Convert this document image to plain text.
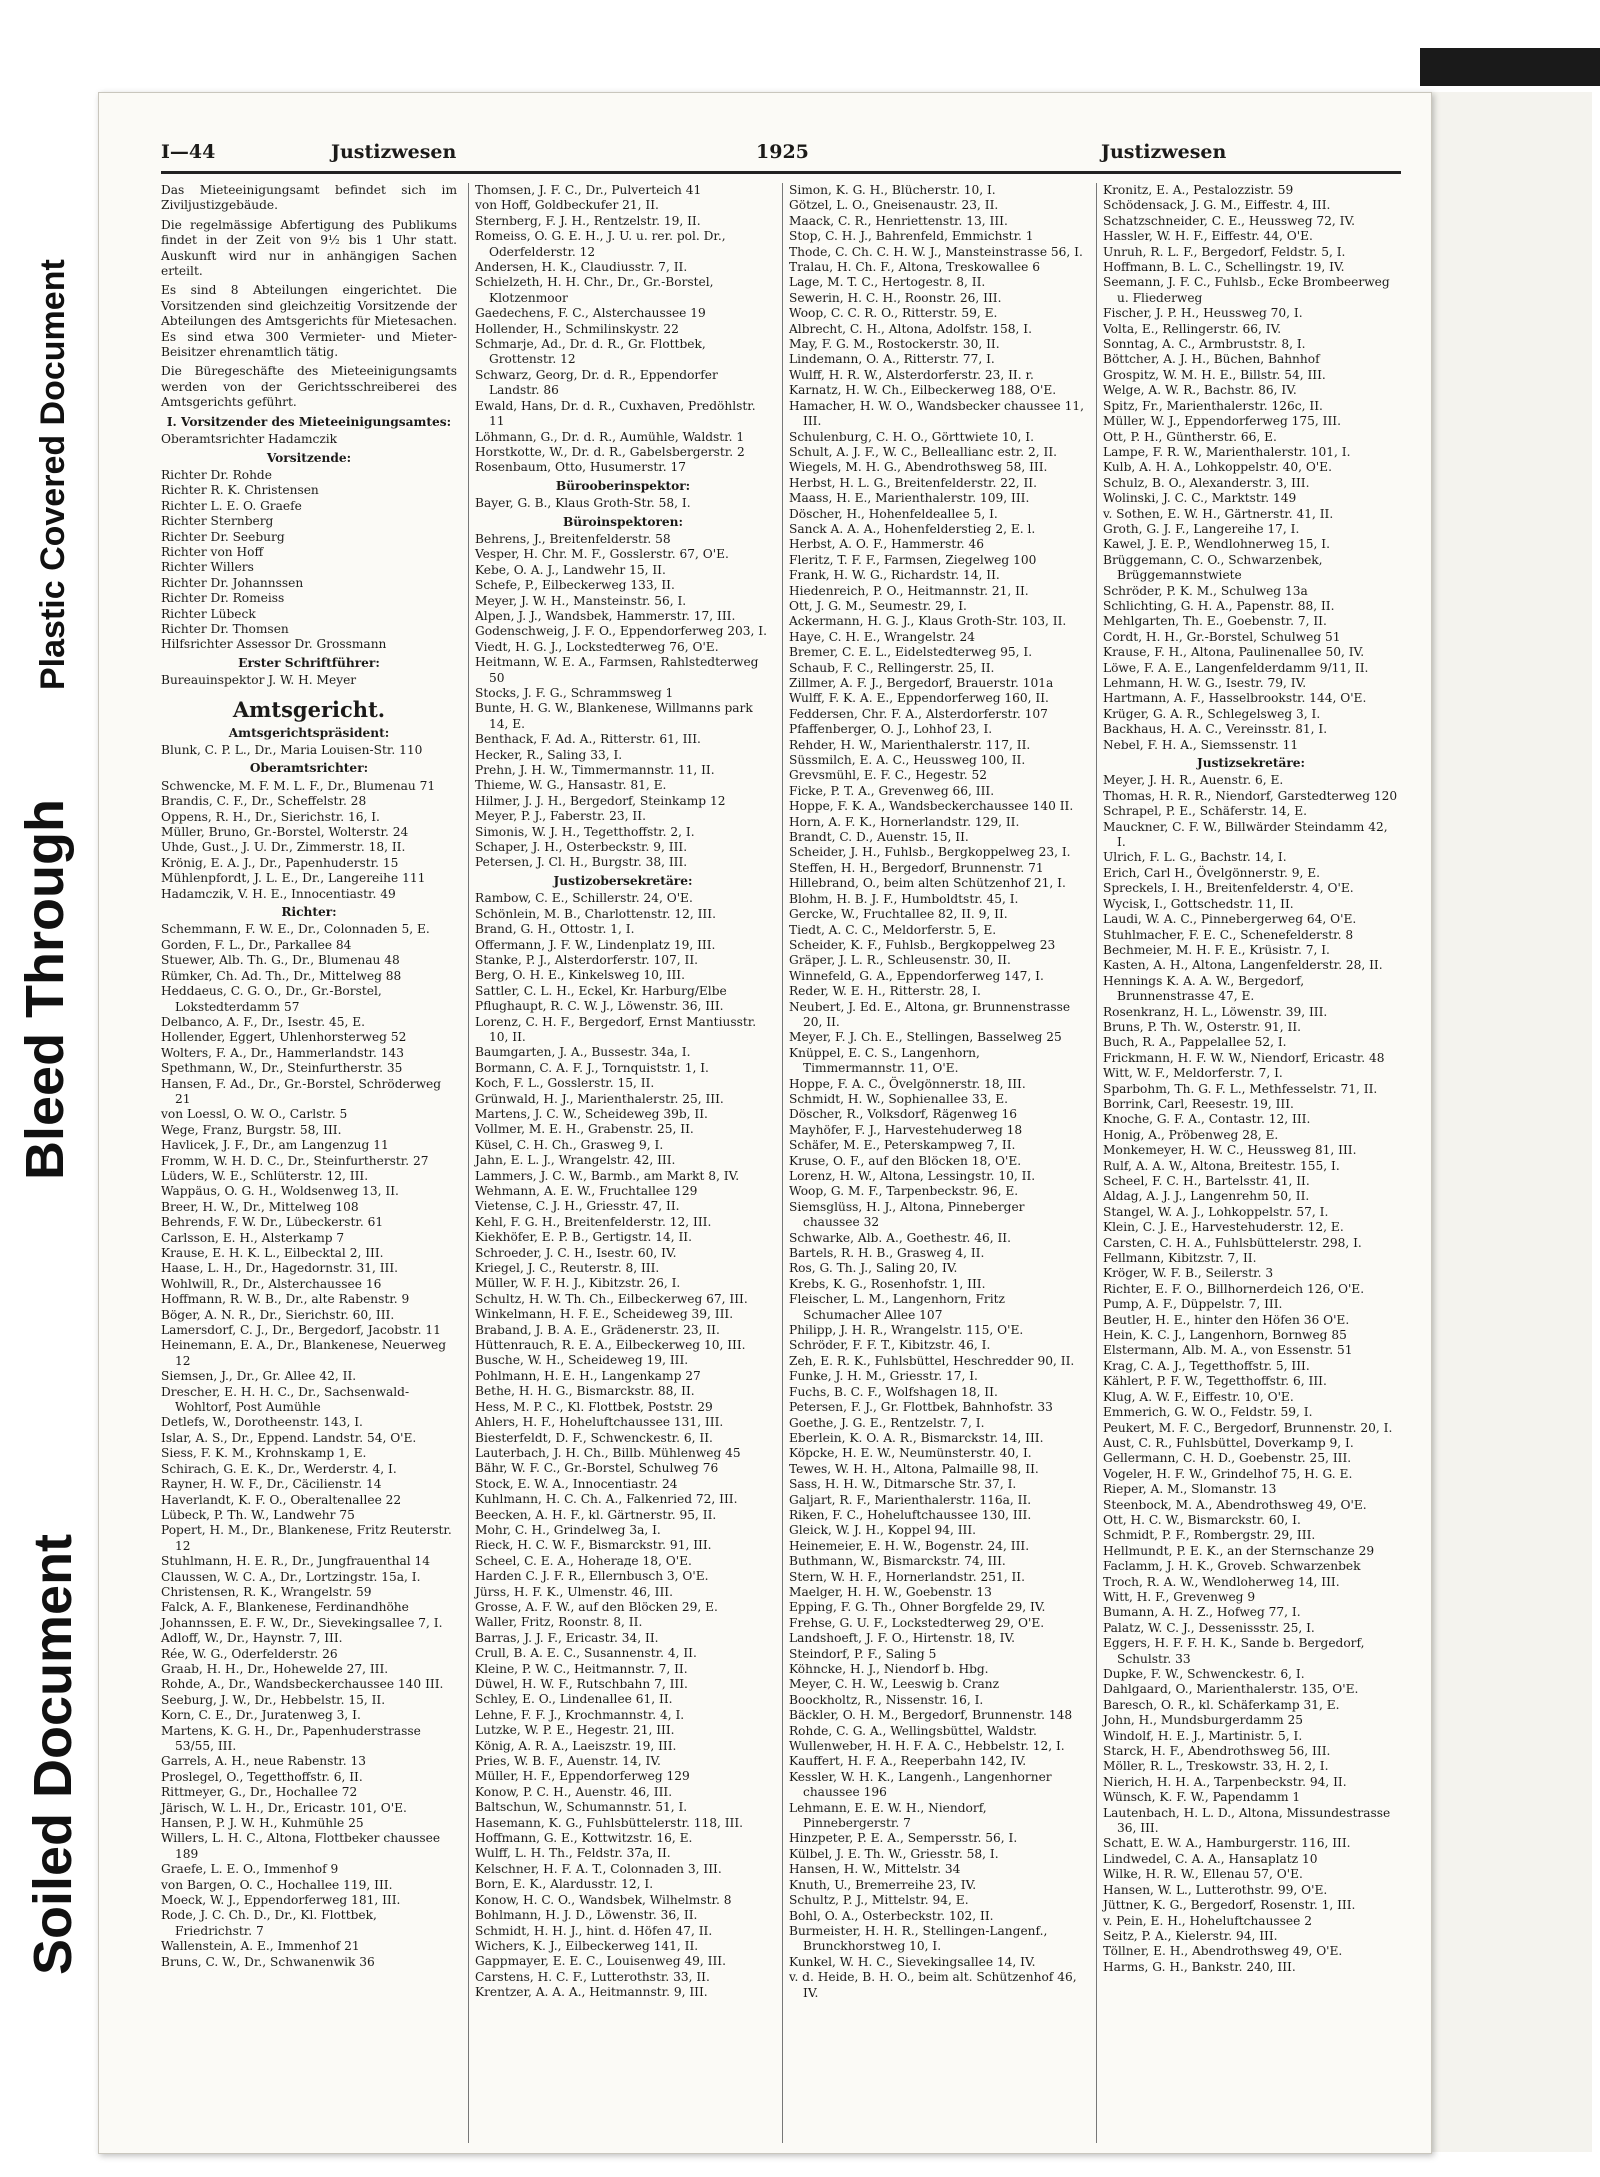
Plastic Covered Document
Bleed Through
Soiled Document
I—44	Justizwesen	1925	Justizwesen

Das Mieteeinigungsamt befindet sich im Ziviljustizgebäude.

Die regelmässige Abfertigung des Publikums findet in der Zeit von 9½ bis 1 Uhr statt. Auskunft wird nur in anhängigen Sachen erteilt.

Es sind 8 Abteilungen eingerichtet. Die Vorsitzenden sind gleichzeitig Vorsitzende der Abteilungen des Amtsgerichts für Mietesachen. Es sind etwa 300 Vermieter- und Mieter-Beisitzer ehrenamtlich tätig.

Die Büregeschäfte des Mieteeinigungsamts werden von der Gerichtsschreiberei des Amtsgerichts geführt.

I. Vorsitzender des Mieteeinigungsamtes:

Oberamtsrichter Hadamczik

Vorsitzende:

Richter Dr. Rohde

Richter R. K. Christensen

Richter L. E. O. Graefe

Richter Sternberg

Richter Dr. Seeburg

Richter von Hoff

Richter Willers

Richter Dr. Johannssen

Richter Dr. Romeiss

Richter Lübeck

Richter Dr. Thomsen

Hilfsrichter Assessor Dr. Grossmann

Erster Schriftführer:

Bureauinspektor J. W. H. Meyer

Amtsgericht.

Amtsgerichtspräsident:

Blunk, C. P. L., Dr., Maria Louisen-Str. 110

Oberamtsrichter:

Schwencke, M. F. M. L. F., Dr., Blumenau 71

Brandis, C. F., Dr., Scheffelstr. 28

Oppens, R. H., Dr., Sierichstr. 16, I.

Müller, Bruno, Gr.-Borstel, Wolterstr. 24

Uhde, Gust., J. U. Dr., Zimmerstr. 18, II.

Krönig, E. A. J., Dr., Papenhuderstr. 15

Mühlenpfordt, J. L. E., Dr., Langereihe 111

Hadamczik, V. H. E., Innocentiastr. 49

Richter:

Schemmann, F. W. E., Dr., Colonnaden 5, E.

Gorden, F. L., Dr., Parkallee 84

Stuewer, Alb. Th. G., Dr., Blumenau 48

Rümker, Ch. Ad. Th., Dr., Mittelweg 88

Heddaeus, C. G. O., Dr., Gr.-Borstel, Lokstedterdamm 57

Delbanco, A. F., Dr., Isestr. 45, E.

Hollender, Eggert, Uhlenhorsterweg 52

Wolters, F. A., Dr., Hammerlandstr. 143

Spethmann, W., Dr., Steinfurtherstr. 35

Hansen, F. Ad., Dr., Gr.-Borstel, Schröderweg 21

von Loessl, O. W. O., Carlstr. 5

Wege, Franz, Burgstr. 58, III.

Havlicek, J. F., Dr., am Langenzug 11

Fromm, W. H. D. C., Dr., Steinfurtherstr. 27

Lüders, W. E., Schlüterstr. 12, III.

Wappäus, O. G. H., Woldsenweg 13, II.

Breer, H. W., Dr., Mittelweg 108

Behrends, F. W. Dr., Lübeckerstr. 61

Carlsson, E. H., Alsterkamp 7

Krause, E. H. K. L., Eilbecktal 2, III.

Haase, L. H., Dr., Hagedornstr. 31, III.

Wohlwill, R., Dr., Alsterchaussee 16

Hoffmann, R. W. B., Dr., alte Rabenstr. 9

Böger, A. N. R., Dr., Sierichstr. 60, III.

Lamersdorf, C. J., Dr., Bergedorf, Jacobstr. 11

Heinemann, E. A., Dr., Blankenese, Neuerweg 12

Siemsen, J., Dr., Gr. Allee 42, II.

Drescher, E. H. H. C., Dr., Sachsenwald-Wohltorf, Post Aumühle

Detlefs, W., Dorotheenstr. 143, I.

Islar, A. S., Dr., Eppend. Landstr. 54, O'E.

Siess, F. K. M., Krohnskamp 1, E.

Schirach, G. E. K., Dr., Werderstr. 4, I.

Rayner, H. W. F., Dr., Cäcilienstr. 14

Haverlandt, K. F. O., Oberaltenallee 22

Lübeck, P. Th. W., Landwehr 75

Popert, H. M., Dr., Blankenese, Fritz Reuterstr. 12

Stuhlmann, H. E. R., Dr., Jungfrauenthal 14

Claussen, W. C. A., Dr., Lortzingstr. 15a, I.

Christensen, R. K., Wrangelstr. 59

Falck, A. F., Blankenese, Ferdinandhöhe

Johannssen, E. F. W., Dr., Sievekingsallee 7, I.

Adloff, W., Dr., Haynstr. 7, III.

Rée, W. G., Oderfelderstr. 26

Graab, H. H., Dr., Hohewelde 27, III.

Rohde, A., Dr., Wandsbeckerchaussee 140 III.

Seeburg, J. W., Dr., Hebbelstr. 15, II.

Korn, C. E., Dr., Juratenweg 3, I.

Martens, K. G. H., Dr., Papenhuderstrasse 53/55, III.

Garrels, A. H., neue Rabenstr. 13

Proslegel, O., Tegetthoffstr. 6, II.

Rittmeyer, G., Dr., Hochallee 72

Järisch, W. L. H., Dr., Ericastr. 101, O'E.

Hansen, P. J. W. H., Kuhmühle 25

Willers, L. H. C., Altona, Flottbeker chaussee 189

Graefe, L. E. O., Immenhof 9

von Bargen, O. C., Hochallee 119, III.

Moeck, W. J., Eppendorferweg 181, III.

Rode, J. C. Ch. D., Dr., Kl. Flottbek, Friedrichstr. 7

Wallenstein, A. E., Immenhof 21

Bruns, C. W., Dr., Schwanenwik 36

Thomsen, J. F. C., Dr., Pulverteich 41

von Hoff, Goldbeckufer 21, II.

Sternberg, F. J. H., Rentzelstr. 19, II.

Romeiss, O. G. E. H., J. U. u. rer. pol. Dr., Oderfelderstr. 12

Andersen, H. K., Claudiusstr. 7, II.

Schielzeth, H. H. Chr., Dr., Gr.-Borstel, Klotzenmoor

Gaedechens, F. C., Alsterchaussee 19

Hollender, H., Schmilinskystr. 22

Schmarje, Ad., Dr. d. R., Gr. Flottbek, Grottenstr. 12

Schwarz, Georg, Dr. d. R., Eppendorfer Landstr. 86

Ewald, Hans, Dr. d. R., Cuxhaven, Predöhlstr. 11

Löhmann, G., Dr. d. R., Aumühle, Waldstr. 1

Horstkotte, W., Dr. d. R., Gabelsbergerstr. 2

Rosenbaum, Otto, Husumerstr. 17

Bürooberinspektor:

Bayer, G. B., Klaus Groth-Str. 58, I.

Büroinspektoren:

Behrens, J., Breitenfelderstr. 58

Vesper, H. Chr. M. F., Gosslerstr. 67, O'E.

Kebe, O. A. J., Landwehr 15, II.

Schefe, P., Eilbeckerweg 133, II.

Meyer, J. W. H., Mansteinstr. 56, I.

Alpen, J. J., Wandsbek, Hammerstr. 17, III.

Godenschweig, J. F. O., Eppendorferweg 203, I.

Viedt, H. G. J., Lockstedterweg 76, O'E.

Heitmann, W. E. A., Farmsen, Rahlstedterweg 50

Stocks, J. F. G., Schrammsweg 1

Bunte, H. G. W., Blankenese, Willmanns park 14, E.

Benthack, F. Ad. A., Ritterstr. 61, III.

Hecker, R., Saling 33, I.

Prehn, J. H. W., Timmermannstr. 11, II.

Thieme, W. G., Hansastr. 81, E.

Hilmer, J. J. H., Bergedorf, Steinkamp 12

Meyer, P. J., Faberstr. 23, II.

Simonis, W. J. H., Tegetthoffstr. 2, I.

Schaper, J. H., Osterbeckstr. 9, III.

Petersen, J. Cl. H., Burgstr. 38, III.

Justizobersekretäre:

Rambow, C. E., Schillerstr. 24, O'E.

Schönlein, M. B., Charlottenstr. 12, III.

Brand, G. H., Ottostr. 1, I.

Offermann, J. F. W., Lindenplatz 19, III.

Stanke, P. J., Alsterdorferstr. 107, II.

Berg, O. H. E., Kinkelsweg 10, III.

Sattler, C. L. H., Eckel, Kr. Harburg/Elbe

Pflughaupt, R. C. W. J., Löwenstr. 36, III.

Lorenz, C. H. F., Bergedorf, Ernst Mantiusstr. 10, II.

Baumgarten, J. A., Bussestr. 34a, I.

Bormann, C. A. F. J., Tornquiststr. 1, I.

Koch, F. L., Gosslerstr. 15, II.

Grünwald, H. J., Marienthalerstr. 25, III.

Martens, J. C. W., Scheideweg 39b, II.

Vollmer, M. E. H., Grabenstr. 25, II.

Küsel, C. H. Ch., Grasweg 9, I.

Jahn, E. L. J., Wrangelstr. 42, III.

Lammers, J. C. W., Barmb., am Markt 8, IV.

Wehmann, A. E. W., Fruchtallee 129

Vietense, C. J. H., Griesstr. 47, II.

Kehl, F. G. H., Breitenfelderstr. 12, III.

Kiekhöfer, E. P. B., Gertigstr. 14, II.

Schroeder, J. C. H., Isestr. 60, IV.

Kriegel, J. C., Reuterstr. 8, III.

Müller, W. F. H. J., Kibitzstr. 26, I.

Schultz, H. W. Th. Ch., Eilbeckerweg 67, III.

Winkelmann, H. F. E., Scheideweg 39, III.

Braband, J. B. A. E., Grädenerstr. 23, II.

Hüttenrauch, R. E. A., Eilbeckerweg 10, III.

Busche, W. H., Scheideweg 19, III.

Pohlmann, H. E. H., Langenkamp 27

Bethe, H. H. G., Bismarckstr. 88, II.

Hess, M. P. C., Kl. Flottbek, Poststr. 29

Ahlers, H. F., Hoheluftchaussee 131, III.

Biesterfeldt, D. F., Schwenckestr. 6, II.

Lauterbach, J. H. Ch., Billb. Mühlenweg 45

Bähr, W. F. C., Gr.-Borstel, Schulweg 76

Stock, E. W. A., Innocentiastr. 24

Kuhlmann, H. C. Ch. A., Falkenried 72, III.

Beecken, A. H. F., kl. Gärtnerstr. 95, II.

Mohr, C. H., Grindelweg 3a, I.

Rieck, H. C. W. F., Bismarckstr. 91, III.

Scheel, C. E. A., Hoheraде 18, O'E.

Harden C. J. F. R., Ellernbusch 3, O'E.

Jürss, H. F. K., Ulmenstr. 46, III.

Grosse, A. F. W., auf den Blöcken 29, E.

Waller, Fritz, Roonstr. 8, II.

Barras, J. J. F., Ericastr. 34, II.

Crull, B. A. E. C., Susannenstr. 4, II.

Kleine, P. W. C., Heitmannstr. 7, II.

Düwel, H. W. F., Rutschbahn 7, III.

Schley, E. O., Lindenallee 61, II.

Lehne, F. F. J., Krochmannstr. 4, I.

Lutzke, W. P. E., Hegestr. 21, III.

König, A. R. A., Laeiszstr. 19, III.

Pries, W. B. F., Auenstr. 14, IV.

Müller, H. F., Eppendorferweg 129

Konow, P. C. H., Auenstr. 46, III.

Baltschun, W., Schumannstr. 51, I.

Hasemann, K. G., Fuhlsbüttelerstr. 118, III.

Hoffmann, G. E., Kottwitzstr. 16, E.

Wulff, L. H. Th., Feldstr. 37a, II.

Kelschner, H. F. A. T., Colonnaden 3, III.

Born, E. K., Alardusstr. 12, I.

Konow, H. C. O., Wandsbek, Wilhelmstr. 8

Bohlmann, H. J. D., Löwenstr. 36, II.

Schmidt, H. H. J., hint. d. Höfen 47, II.

Wichers, K. J., Eilbeckerweg 141, II.

Gappmayer, E. E. C., Louisenweg 49, III.

Carstens, H. C. F., Lutterothstr. 33, II.

Krentzer, A. A. A., Heitmannstr. 9, III.

Simon, K. G. H., Blücherstr. 10, I.

Götzel, L. O., Gneisenaustr. 23, II.

Maack, C. R., Henriettenstr. 13, III.

Stop, C. H. J., Bahrenfeld, Emmichstr. 1

Thode, C. Ch. C. H. W. J., Mansteinstrasse 56, I.

Tralau, H. Ch. F., Altona, Treskowallee 6

Lage, M. T. C., Hertogestr. 8, II.

Sewerin, H. C. H., Roonstr. 26, III.

Woop, C. C. R. O., Ritterstr. 59, E.

Albrecht, C. H., Altona, Adolfstr. 158, I.

May, F. G. M., Rostockerstr. 30, II.

Lindemann, O. A., Ritterstr. 77, I.

Wulff, H. R. W., Alsterdorferstr. 23, II. r.

Karnatz, H. W. Ch., Eilbeckerweg 188, O'E.

Hamacher, H. W. O., Wandsbecker chaussee 11, III.

Schulenburg, C. H. O., Görttwiete 10, I.

Schult, A. J. F., W. C., Belleallianc estr. 2, II.

Wiegels, M. H. G., Abendrothsweg 58, III.

Herbst, H. L. G., Breitenfelderstr. 22, II.

Maass, H. E., Marienthalerstr. 109, III.

Döscher, H., Hohenfeldeallee 5, I.

Sanck A. A. A., Hohenfelderstieg 2, E. l.

Herbst, A. O. F., Hammerstr. 46

Fleritz, T. F. F., Farmsen, Ziegelweg 100

Frank, H. W. G., Richardstr. 14, II.

Hiedenreich, P. O., Heitmannstr. 21, II.

Ott, J. G. M., Seumestr. 29, I.

Ackermann, H. G. J., Klaus Groth-Str. 103, II.

Haye, C. H. E., Wrangelstr. 24

Bremer, C. E. L., Eidelstedterweg 95, I.

Schaub, F. C., Rellingerstr. 25, II.

Zillmer, A. F. J., Bergedorf, Brauerstr. 101a

Wulff, F. K. A. E., Eppendorferweg 160, II.

Feddersen, Chr. F. A., Alsterdorferstr. 107

Pfaffenberger, O. J., Lohhof 23, I.

Rehder, H. W., Marienthalerstr. 117, II.

Süssmilch, E. A. C., Heussweg 100, II.

Grevsmühl, E. F. C., Hegestr. 52

Ficke, P. T. A., Grevenweg 66, III.

Hoppe, F. K. A., Wandsbeckerchaussee 140 II.

Horn, A. F. K., Hornerlandstr. 129, II.

Brandt, C. D., Auenstr. 15, II.

Scheider, J. H., Fuhlsb., Bergkoppelweg 23, I.

Steffen, H. H., Bergedorf, Brunnenstr. 71

Hillebrand, O., beim alten Schützenhof 21, I.

Blohm, H. B. J. F., Humboldtstr. 45, I.

Gercke, W., Fruchtallee 82, II. 9, II.

Tiedt, A. C. C., Meldorferstr. 5, E.

Scheider, K. F., Fuhlsb., Bergkoppelweg 23

Gräper, J. L. R., Schleusenstr. 30, II.

Winnefeld, G. A., Eppendorferweg 147, I.

Reder, W. E. H., Ritterstr. 28, I.

Neubert, J. Ed. E., Altona, gr. Brunnenstrasse 20, II.

Meyer, F. J. Ch. E., Stellingen, Basselweg 25

Knüppel, E. C. S., Langenhorn, Timmermannstr. 11, O'E.

Hoppe, F. A. C., Övelgönnerstr. 18, III.

Schmidt, H. W., Sophienallee 33, E.

Döscher, R., Volksdorf, Rägenweg 16

Mayhöfer, F. J., Harvestehuderweg 18

Schäfer, M. E., Peterskampweg 7, II.

Kruse, O. F., auf den Blöcken 18, O'E.

Lorenz, H. W., Altona, Lessingstr. 10, II.

Woop, G. M. F., Tarpenbeckstr. 96, E.

Siemsglüss, H. J., Altona, Pinneberger chaussee 32

Schwarke, Alb. A., Goethestr. 46, II.

Bartels, R. H. B., Grasweg 4, II.

Ros, G. Th. J., Saling 20, IV.

Krebs, K. G., Rosenhofstr. 1, III.

Fleischer, L. M., Langenhorn, Fritz Schumacher Allee 107

Philipp, J. H. R., Wrangelstr. 115, O'E.

Schröder, F. F. T., Kibitzstr. 46, I.

Zeh, E. R. K., Fuhlsbüttel, Heschredder 90, II.

Funke, J. H. M., Griesstr. 17, I.

Fuchs, B. C. F., Wolfshagen 18, II.

Petersen, F. J., Gr. Flottbek, Bahnhofstr. 33

Goethe, J. G. E., Rentzelstr. 7, I.

Eberlein, K. O. A. R., Bismarckstr. 14, III.

Köpcke, H. E. W., Neumünsterstr. 40, I.

Tewes, W. H. H., Altona, Palmaille 98, II.

Sass, H. H. W., Ditmarsche Str. 37, I.

Galjart, R. F., Marienthalerstr. 116a, II.

Riken, F. C., Hoheluftchaussee 130, III.

Gleick, W. J. H., Koppel 94, III.

Heinemeier, E. H. W., Bogenstr. 24, III.

Buthmann, W., Bismarckstr. 74, III.

Stern, W. H. F., Hornerlandstr. 251, II.

Maelger, H. H. W., Goebenstr. 13

Epping, F. G. Th., Ohner Borgfelde 29, IV.

Frehse, G. U. F., Lockstedterweg 29, O'E.

Landshoeft, J. F. O., Hirtenstr. 18, IV.

Steindorf, P. F., Saling 5

Köhncke, H. J., Niendorf b. Hbg.

Meyer, C. H. W., Leeswig b. Cranz

Boockholtz, R., Nissenstr. 16, I.

Bäckler, O. H. M., Bergedorf, Brunnenstr. 148

Rohde, C. G. A., Wellingsbüttel, Waldstr.

Wullenweber, H. H. F. A. C., Hebbelstr. 12, I.

Kauffert, H. F. A., Reeperbahn 142, IV.

Kessler, W. H. K., Langenh., Langenhorner chaussee 196

Lehmann, E. E. W. H., Niendorf, Pinnebergerstr. 7

Hinzpeter, P. E. A., Sempersstr. 56, I.

Külbel, J. E. Th. W., Griesstr. 58, I.

Hansen, H. W., Mittelstr. 34

Knuth, U., Bremerreihe 23, IV.

Schultz, P. J., Mittelstr. 94, E.

Bohl, O. A., Osterbeckstr. 102, II.

Burmeister, H. H. R., Stellingen-Langenf., Brunckhorstweg 10, I.

Kunkel, W. H. C., Sievekingsallee 14, IV.

v. d. Heide, B. H. O., beim alt. Schützenhof 46, IV.

Kronitz, E. A., Pestalozzistr. 59

Schödensack, J. G. M., Eiffestr. 4, III.

Schatzschneider, C. E., Heussweg 72, IV.

Hassler, W. H. F., Eiffestr. 44, O'E.

Unruh, R. L. F., Bergedorf, Feldstr. 5, I.

Hoffmann, B. L. C., Schellingstr. 19, IV.

Seemann, J. F. C., Fuhlsb., Ecke Brombeerweg u. Fliederweg

Fischer, J. P. H., Heussweg 70, I.

Volta, E., Rellingerstr. 66, IV.

Sonntag, A. C., Armbruststr. 8, I.

Böttcher, A. J. H., Büchen, Bahnhof

Grospitz, W. M. H. E., Billstr. 54, III.

Welge, A. W. R., Bachstr. 86, IV.

Spitz, Fr., Marienthalerstr. 126c, II.

Müller, W. J., Eppendorferweg 175, III.

Ott, P. H., Güntherstr. 66, E.

Lampe, F. R. W., Marienthalerstr. 101, I.

Kulb, A. H. A., Lohkoppelstr. 40, O'E.

Schulz, B. O., Alexanderstr. 3, III.

Wolinski, J. C. C., Marktstr. 149

v. Sothen, E. W. H., Gärtnerstr. 41, II.

Groth, G. J. F., Langereihe 17, I.

Kawel, J. E. P., Wendlohnerweg 15, I.

Brüggemann, C. O., Schwarzenbek, Brüggemannstwiete

Schröder, P. K. M., Schulweg 13a

Schlichting, G. H. A., Papenstr. 88, II.

Mehlgarten, Th. E., Goebenstr. 7, II.

Cordt, H. H., Gr.-Borstel, Schulweg 51

Krause, F. H., Altona, Paulinenallee 50, IV.

Löwe, F. A. E., Langenfelderdamm 9/11, II.

Lehmann, H. W. G., Isestr. 79, IV.

Hartmann, A. F., Hasselbrookstr. 144, O'E.

Krüger, G. A. R., Schlegelsweg 3, I.

Backhaus, H. A. C., Vereinsstr. 81, I.

Nebel, F. H. A., Siemssenstr. 11

Justizsekretäre:

Meyer, J. H. R., Auenstr. 6, E.

Thomas, H. R. R., Niendorf, Garstedterweg 120

Schrapel, P. E., Schäferstr. 14, E.

Mauckner, C. F. W., Billwärder Steindamm 42, I.

Ulrich, F. L. G., Bachstr. 14, I.

Erich, Carl H., Övelgönnerstr. 9, E.

Spreckels, I. H., Breitenfelderstr. 4, O'E.

Wycisk, I., Gottschedstr. 11, II.

Laudi, W. A. C., Pinnebergerweg 64, O'E.

Stuhlmacher, F. E. C., Schenefelderstr. 8

Bechmeier, M. H. F. E., Krüsistr. 7, I.

Kasten, A. H., Altona, Langenfelderstr. 28, II.

Hennings K. A. A. W., Bergedorf, Brunnenstrasse 47, E.

Rosenkranz, H. L., Löwenstr. 39, III.

Bruns, P. Th. W., Osterstr. 91, II.

Buch, R. A., Pappelallee 52, I.

Frickmann, H. F. W. W., Niendorf, Ericastr. 48

Witt, W. F., Meldorferstr. 7, I.

Sparbohm, Th. G. F. L., Methfesselstr. 71, II.

Borrink, Carl, Reesestr. 19, III.

Knoche, G. F. A., Contastr. 12, III.

Honig, A., Pröbenweg 28, E.

Monkemeyer, H. W. C., Heussweg 81, III.

Rulf, A. A. W., Altona, Breitestr. 155, I.

Scheel, F. C. H., Bartelsstr. 41, II.

Aldag, A. J. J., Langenrehm 50, II.

Stangel, W. A. J., Lohkoppelstr. 57, I.

Klein, C. J. E., Harvestehuderstr. 12, E.

Carsten, C. H. A., Fuhlsbüttelerstr. 298, I.

Fellmann, Kibitzstr. 7, II.

Kröger, W. F. B., Seilerstr. 3

Richter, E. F. O., Billhornerdeich 126, O'E.

Pump, A. F., Düppelstr. 7, III.

Beutler, H. E., hinter den Höfen 36 O'E.

Hein, K. C. J., Langenhorn, Bornweg 85

Elstermann, Alb. M. A., von Essenstr. 51

Krag, C. A. J., Tegetthoffstr. 5, III.

Kählert, P. F. W., Tegetthoffstr. 6, III.

Klug, A. W. F., Eiffestr. 10, O'E.

Emmerich, G. W. O., Feldstr. 59, I.

Peukert, M. F. C., Bergedorf, Brunnenstr. 20, I.

Aust, C. R., Fuhlsbüttel, Doverkamp 9, I.

Gellermann, C. H. D., Goebenstr. 25, III.

Vogeler, H. F. W., Grindelhof 75, H. G. E.

Rieper, A. M., Slomanstr. 13

Steenbock, M. A., Abendrothsweg 49, O'E.

Ott, H. C. W., Bismarckstr. 60, I.

Schmidt, P. F., Rombergstr. 29, III.

Hellmundt, P. E. K., an der Sternschanze 29

Faclamm, J. H. K., Groveb. Schwarzenbek

Troch, R. A. W., Wendloherweg 14, III.

Witt, H. F., Grevenweg 9

Bumann, A. H. Z., Hofweg 77, I.

Palatz, W. C. J., Dessenissstr. 25, I.

Eggers, H. F. F. H. K., Sande b. Bergedorf, Schulstr. 33

Dupke, F. W., Schwenckestr. 6, I.

Dahlgaard, O., Marienthalerstr. 135, O'E.

Baresch, O. R., kl. Schäferkamp 31, E.

John, H., Mundsburgerdamm 25

Windolf, H. E. J., Martinistr. 5, I.

Starck, H. F., Abendrothsweg 56, III.

Möller, R. L., Treskowstr. 33, H. 2, I.

Nierich, H. H. A., Tarpenbeckstr. 94, II.

Wünsch, K. F. W., Papendamm 1

Lautenbach, H. L. D., Altona, Missundestrasse 36, III.

Schatt, E. W. A., Hamburgerstr. 116, III.

Lindwedel, C. A. A., Hansaplatz 10

Wilke, H. R. W., Ellenau 57, O'E.

Hansen, W. L., Lutterothstr. 99, O'E.

Jüttner, K. G., Bergedorf, Rosenstr. 1, III.

v. Pein, E. H., Hoheluftchaussee 2

Seitz, P. A., Kielerstr. 94, III.

Töllner, E. H., Abendrothsweg 49, O'E.

Harms, G. H., Bankstr. 240, III.
